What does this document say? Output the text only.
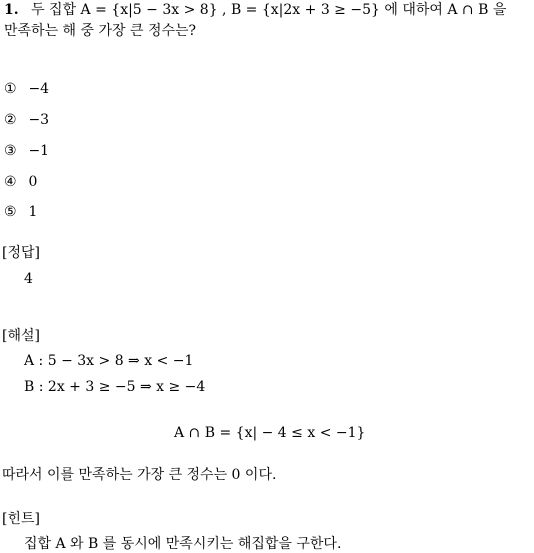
1. 두 집합 A = {x|5 − 3x > 8} , B = {x|2x + 3 ≥ −5} 에 대하여 A ∩ B 을
만족하는 해 중 가장 큰 정수는?
① −4
② −3
③ −1
④ 0
⑤ 1
[정답]
4
[해설]
A : 5 − 3x > 8 ⇒ x < −1
B : 2x + 3 ≥ −5 ⇒ x ≥ −4
A ∩ B = {x| − 4 ≤ x < −1}
따라서 이를 만족하는 가장 큰 정수는 0 이다.
[힌트]
집합 A 와 B 를 동시에 만족시키는 해집합을 구한다.
